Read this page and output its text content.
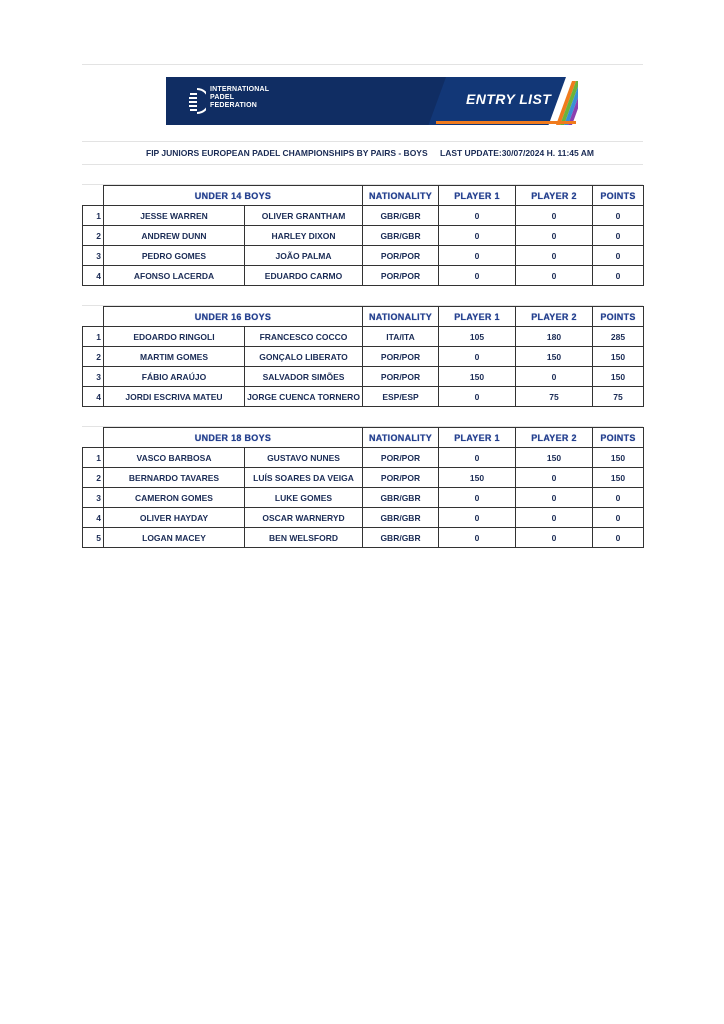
INTERNATIONAL
PADEL
FEDERATION	ENTRY LIST
FIP JUNIORS EUROPEAN PADEL CHAMPIONSHIPS BY PAIRS - BOYS LAST UPDATE:30/07/2024 H. 11:45 AM
	UNDER 14 BOYS		NATIONALITY	PLAYER 1	PLAYER 2	POINTS
1	JESSE WARREN	OLIVER GRANTHAM	GBR/GBR	0	0	0
2	ANDREW DUNN	HARLEY DIXON	GBR/GBR	0	0	0
3	PEDRO GOMES	JOÃO PALMA	POR/POR	0	0	0
4	AFONSO LACERDA	EDUARDO CARMO	POR/POR	0	0	0
	UNDER 16 BOYS		NATIONALITY	PLAYER 1	PLAYER 2	POINTS
1	EDOARDO RINGOLI	FRANCESCO COCCO	ITA/ITA	105	180	285
2	MARTIM GOMES	GONÇALO LIBERATO	POR/POR	0	150	150
3	FÁBIO ARAÚJO	SALVADOR SIMÕES	POR/POR	150	0	150
4	JORDI ESCRIVA MATEU	JORGE CUENCA TORNERO	ESP/ESP	0	75	75
	UNDER 18 BOYS		NATIONALITY	PLAYER 1	PLAYER 2	POINTS
1	VASCO BARBOSA	GUSTAVO NUNES	POR/POR	0	150	150
2	BERNARDO TAVARES	LUÍS SOARES DA VEIGA	POR/POR	150	0	150
3	CAMERON GOMES	LUKE GOMES	GBR/GBR	0	0	0
4	OLIVER HAYDAY	OSCAR WARNERYD	GBR/GBR	0	0	0
5	LOGAN MACEY	BEN WELSFORD	GBR/GBR	0	0	0
